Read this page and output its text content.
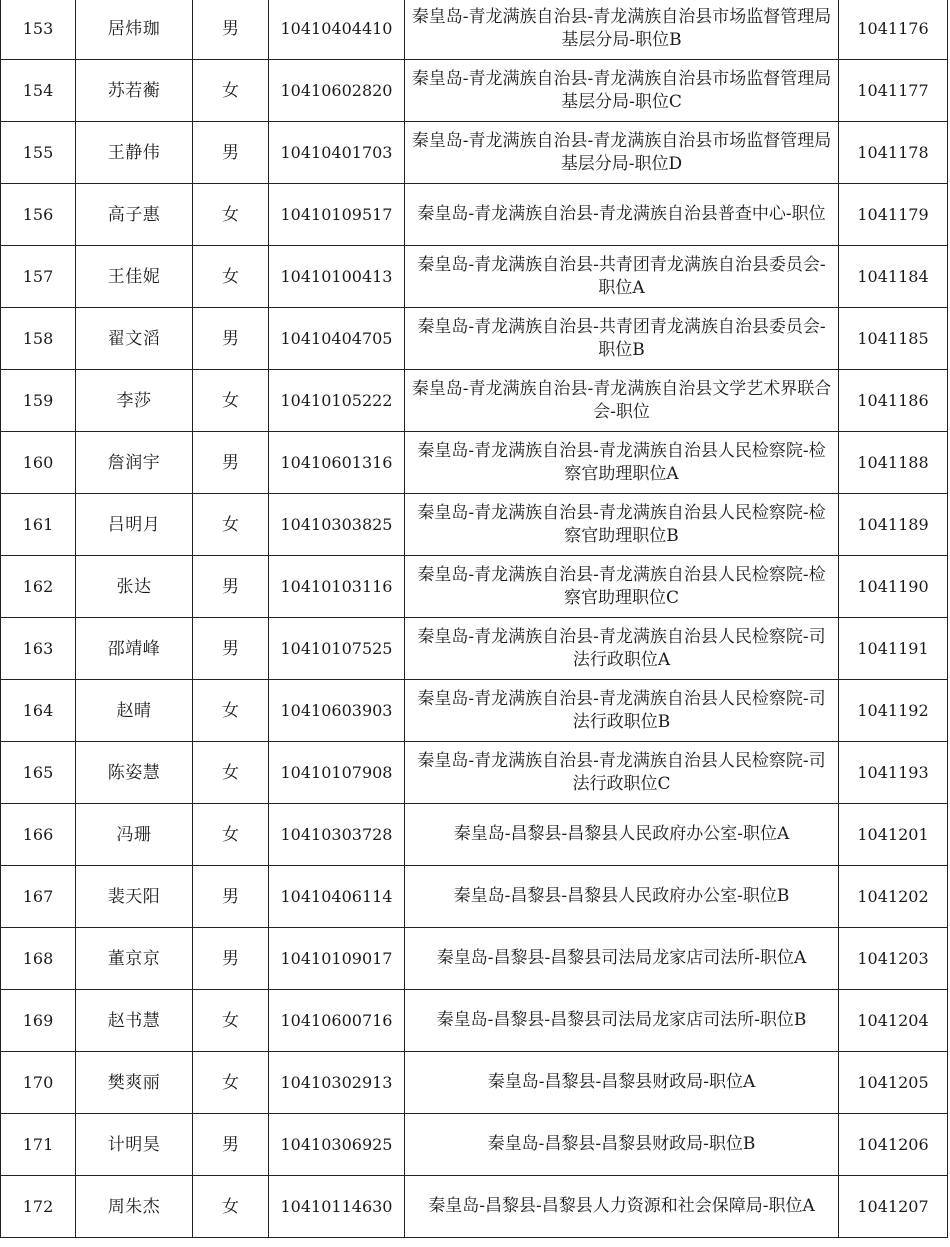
153	居炜珈	男	10410404410	秦皇岛-青龙满族自治县-青龙满族自治县市场监督管理局基层分局-职位B	1041176
154	苏若蘅	女	10410602820	秦皇岛-青龙满族自治县-青龙满族自治县市场监督管理局基层分局-职位C	1041177
155	王静伟	男	10410401703	秦皇岛-青龙满族自治县-青龙满族自治县市场监督管理局基层分局-职位D	1041178
156	高子惠	女	10410109517	秦皇岛-青龙满族自治县-青龙满族自治县普查中心-职位	1041179
157	王佳妮	女	10410100413	秦皇岛-青龙满族自治县-共青团青龙满族自治县委员会-职位A	1041184
158	翟文滔	男	10410404705	秦皇岛-青龙满族自治县-共青团青龙满族自治县委员会-职位B	1041185
159	李莎	女	10410105222	秦皇岛-青龙满族自治县-青龙满族自治县文学艺术界联合会-职位	1041186
160	詹润宇	男	10410601316	秦皇岛-青龙满族自治县-青龙满族自治县人民检察院-检察官助理职位A	1041188
161	吕明月	女	10410303825	秦皇岛-青龙满族自治县-青龙满族自治县人民检察院-检察官助理职位B	1041189
162	张达	男	10410103116	秦皇岛-青龙满族自治县-青龙满族自治县人民检察院-检察官助理职位C	1041190
163	邵靖峰	男	10410107525	秦皇岛-青龙满族自治县-青龙满族自治县人民检察院-司法行政职位A	1041191
164	赵晴	女	10410603903	秦皇岛-青龙满族自治县-青龙满族自治县人民检察院-司法行政职位B	1041192
165	陈姿慧	女	10410107908	秦皇岛-青龙满族自治县-青龙满族自治县人民检察院-司法行政职位C	1041193
166	冯珊	女	10410303728	秦皇岛-昌黎县-昌黎县人民政府办公室-职位A	1041201
167	裴天阳	男	10410406114	秦皇岛-昌黎县-昌黎县人民政府办公室-职位B	1041202
168	董京京	男	10410109017	秦皇岛-昌黎县-昌黎县司法局龙家店司法所-职位A	1041203
169	赵书慧	女	10410600716	秦皇岛-昌黎县-昌黎县司法局龙家店司法所-职位B	1041204
170	樊爽丽	女	10410302913	秦皇岛-昌黎县-昌黎县财政局-职位A	1041205
171	计明昊	男	10410306925	秦皇岛-昌黎县-昌黎县财政局-职位B	1041206
172	周朱杰	女	10410114630	秦皇岛-昌黎县-昌黎县人力资源和社会保障局-职位A	1041207
